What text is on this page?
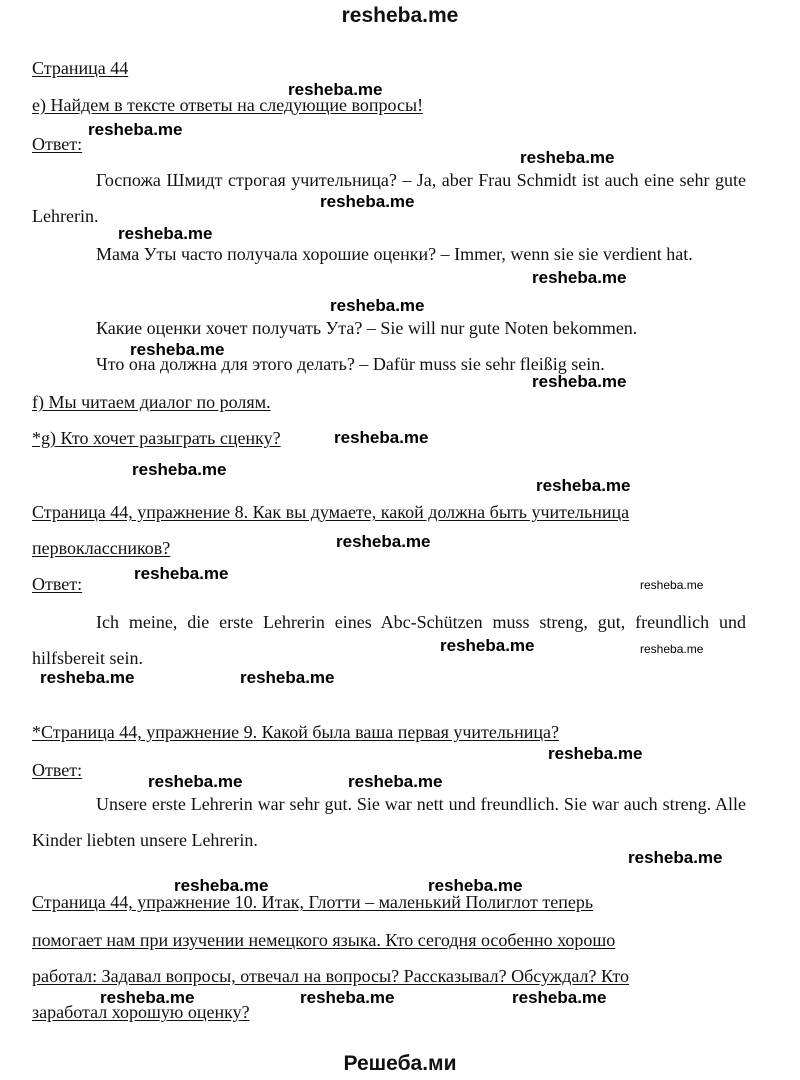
resheba.me
Страница 44
e) Найдем в тексте ответы на следующие вопросы!
Ответ:
Госпожа Шмидт строгая учительница? – Ja, aber Frau Schmidt ist auch eine sehr gute Lehrerin.
Мама Уты часто получала хорошие оценки? – Immer, wenn sie sie verdient hat.
Какие оценки хочет получать Ута? – Sie will nur gute Noten bekommen.
Что она должна для этого делать? – Dafür muss sie sehr fleißig sein.
f) Мы читаем диалог по ролям.
*g) Кто хочет разыграть сценку?
Страница 44, упражнение 8. Как вы думаете, какой должна быть учительница
первоклассников?
Ответ:
Ich meine, die erste Lehrerin eines Abc-Schützen muss streng, gut, freundlich und hilfsbereit sein.
*Страница 44, упражнение 9. Какой была ваша первая учительница?
Ответ:
Unsere erste Lehrerin war sehr gut. Sie war nett und freundlich. Sie war auch streng. Alle Kinder liebten unsere Lehrerin.
Страница 44, упражнение 10. Итак, Глотти – маленький Полиглот теперь
помогает нам при изучении немецкого языка. Кто сегодня особенно хорошо
работал: Задавал вопросы, отвечал на вопросы? Рассказывал? Обсуждал? Кто
заработал хорошую оценку?
resheba.me
resheba.me
resheba.me
resheba.me
resheba.me
resheba.me
resheba.me
resheba.me
resheba.me
resheba.me
resheba.me
resheba.me
resheba.me
resheba.me
resheba.me
resheba.me	resheba.me
resheba.me	resheba.me
resheba.me
resheba.me	resheba.me
resheba.me
resheba.me	resheba.me
resheba.me	resheba.me	resheba.me
Решеба.ми
